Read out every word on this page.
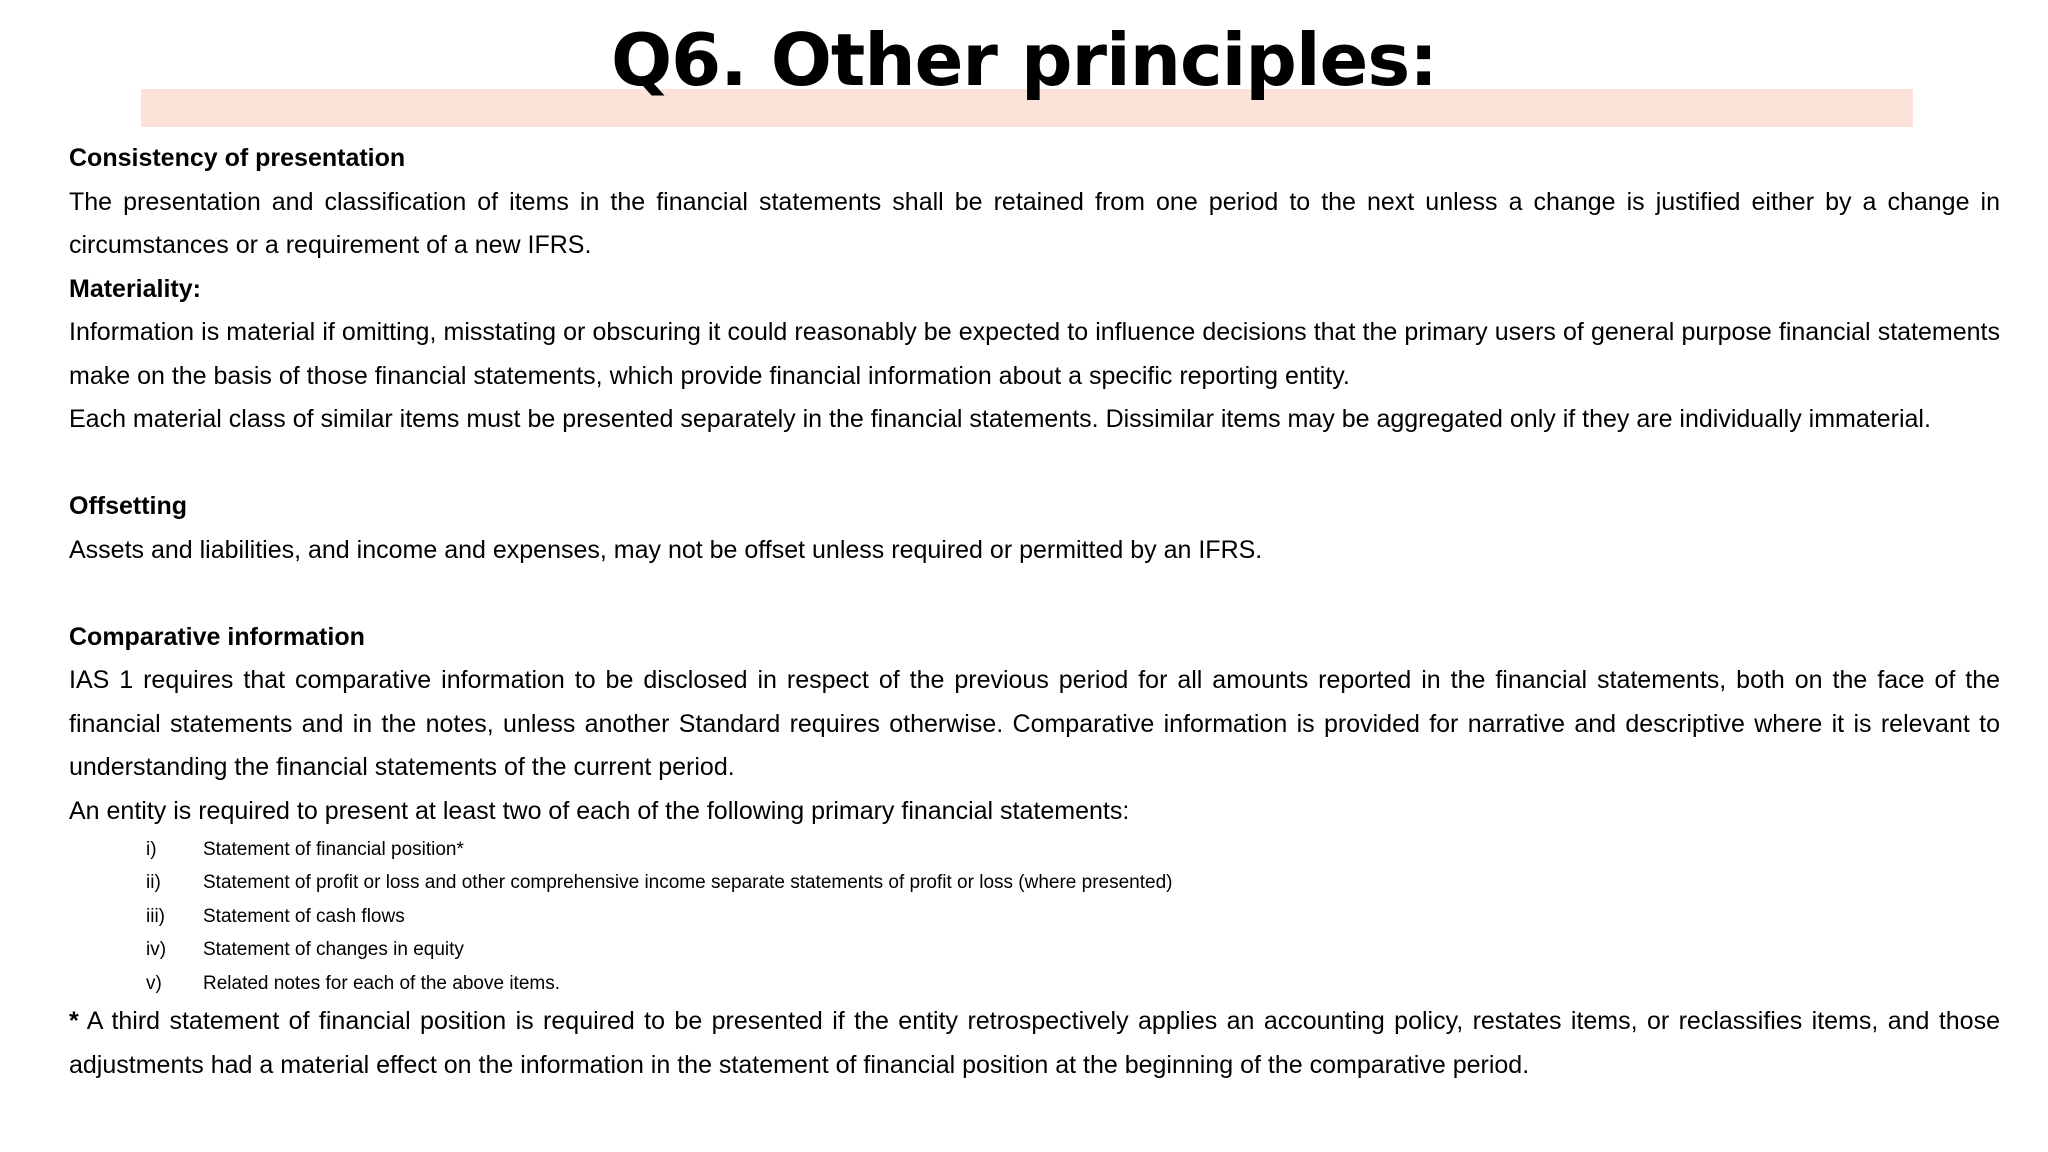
Q6. Other principles:

Consistency of presentation

The presentation and classification of items in the financial statements shall be retained from one period to the next unless a change is justified either by a change in circumstances or a requirement of a new IFRS.

Materiality:

Information is material if omitting, misstating or obscuring it could reasonably be expected to influence decisions that the primary users of general purpose financial statements make on the basis of those financial statements, which provide financial information about a specific reporting entity.

Each material class of similar items must be presented separately in the financial statements. Dissimilar items may be aggregated only if they are individually immaterial.

Offsetting

Assets and liabilities, and income and expenses, may not be offset unless required or permitted by an IFRS.

Comparative information

IAS 1 requires that comparative information to be disclosed in respect of the previous period for all amounts reported in the financial statements, both on the face of the financial statements and in the notes, unless another Standard requires otherwise. Comparative information is provided for narrative and descriptive where it is relevant to understanding the financial statements of the current period.

An entity is required to present at least two of each of the following primary financial statements:

i)	Statement of financial position*
ii)	Statement of profit or loss and other comprehensive income separate statements of profit or loss (where presented)
iii)	Statement of cash flows
iv)	Statement of changes in equity
v)	Related notes for each of the above items.

* A third statement of financial position is required to be presented if the entity retrospectively applies an accounting policy, restates items, or reclassifies items, and those adjustments had a material effect on the information in the statement of financial position at the beginning of the comparative period.
